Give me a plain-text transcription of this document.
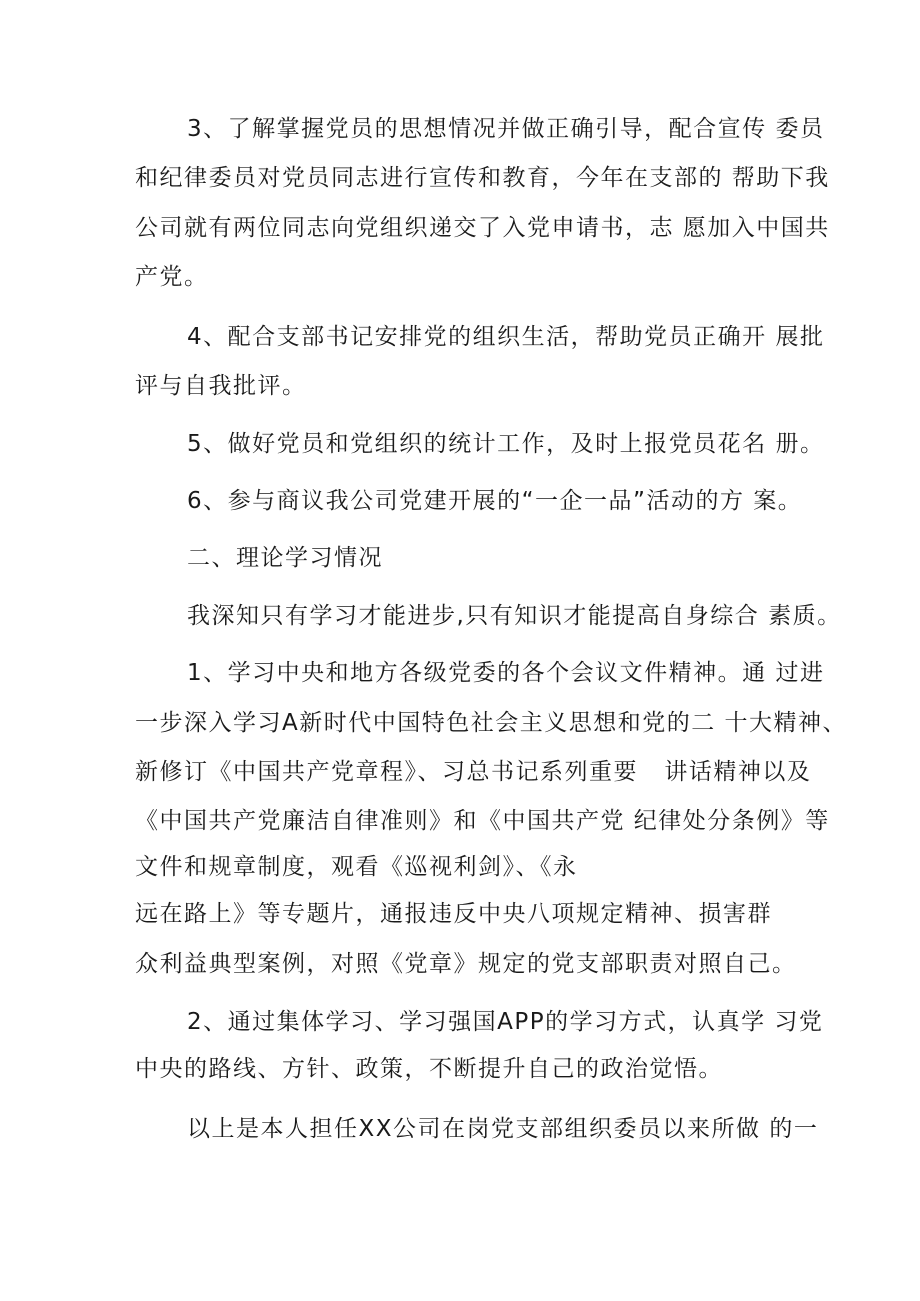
3、了解掌握党员的思想情况并做正确引导，配合宣传 委员
和纪律委员对党员同志进行宣传和教育，今年在支部的 帮助下我
公司就有两位同志向党组织递交了入党申请书，志 愿加入中国共
产党。
4、配合支部书记安排党的组织生活，帮助党员正确开 展批
评与自我批评。
5、做好党员和党组织的统计工作，及时上报党员花名 册。
6、参与商议我公司党建开展的“一企一品”活动的方 案。
二、理论学习情况
我深知只有学习才能进步,只有知识才能提高自身综合 素质。
1、学习中央和地方各级党委的各个会议文件精神。通 过进
一步深入学习A新时代中国特色社会主义思想和党的二 十大精神、
新修订《中国共产党章程》、习总书记系列重要   讲话精神以及
《中国共产党廉洁自律准则》和《中国共产党 纪律处分条例》等
文件和规章制度，观看《巡视利剑》、《永
远在路上》等专题片，通报违反中央八项规定精神、损害群
众利益典型案例，对照《党章》规定的党支部职责对照自己。
2、通过集体学习、学习强国APP的学习方式，认真学 习党
中央的路线、方针、政策，不断提升自己的政治觉悟。
以上是本人担任XX公司在岗党支部组织委员以来所做 的一
